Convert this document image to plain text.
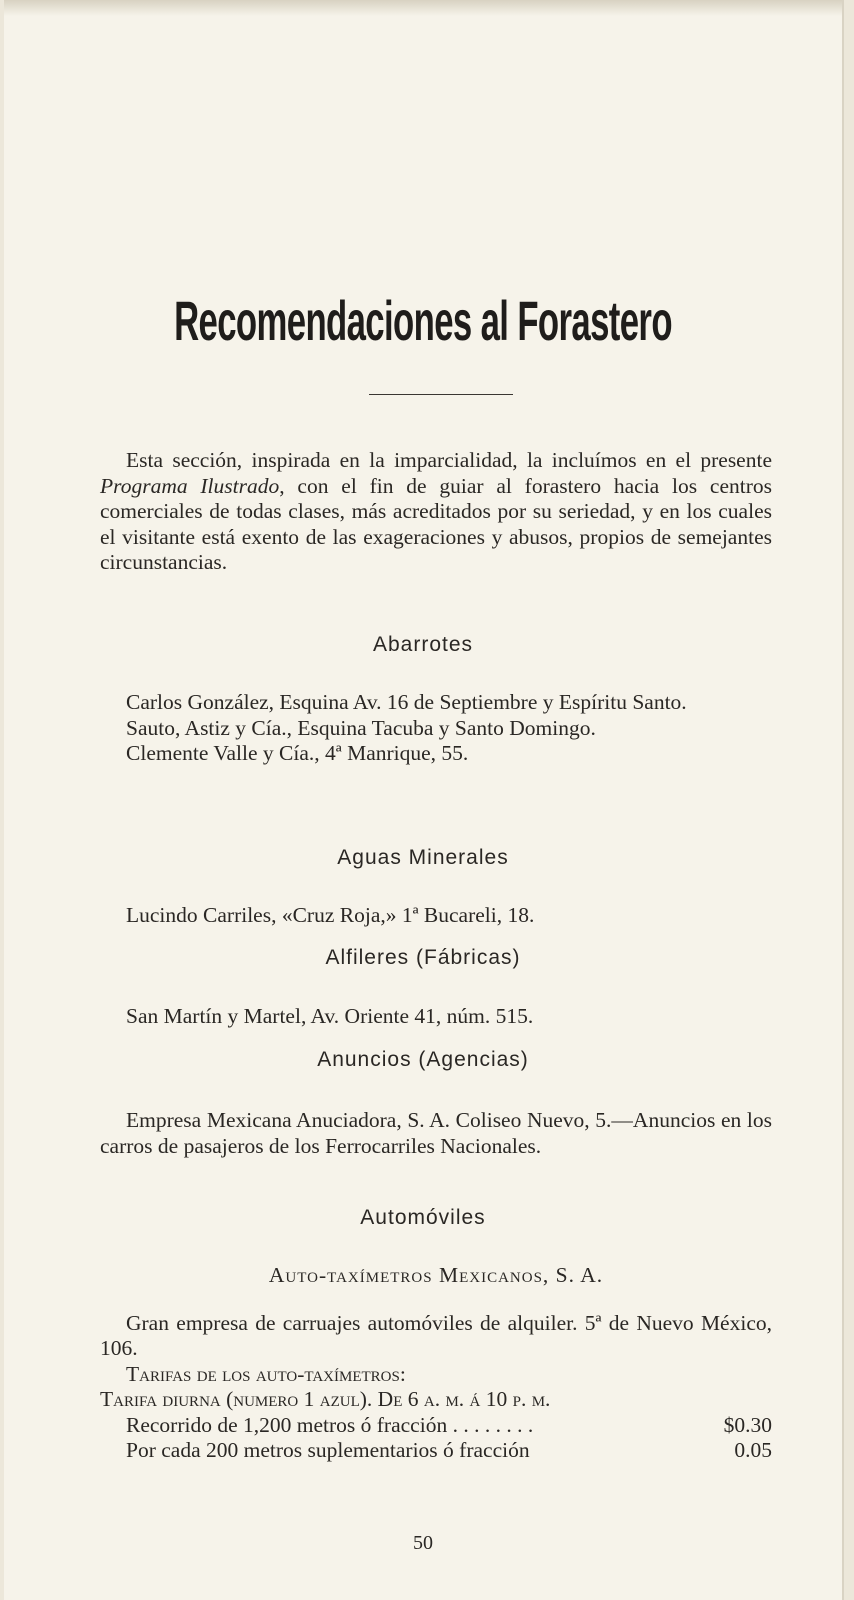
Recomendaciones al Forastero
Esta sección, inspirada en la imparcialidad, la incluímos en el presente Programa Ilustrado, con el fin de guiar al forastero hacia los centros comerciales de todas clases, más acreditados por su seriedad, y en los cuales el visitante está exento de las exageraciones y abusos, propios de semejantes circunstancias.
Abarrotes
Carlos González, Esquina Av. 16 de Septiembre y Espíritu Santo.
Sauto, Astiz y Cía., Esquina Tacuba y Santo Domingo.
Clemente Valle y Cía., 4ª Manrique, 55.
Aguas Minerales
Lucindo Carriles, «Cruz Roja,» 1ª Bucareli, 18.
Alfileres (Fábricas)
San Martín y Martel, Av. Oriente 41, núm. 515.
Anuncios (Agencias)
Empresa Mexicana Anuciadora, S. A. Coliseo Nuevo, 5.—Anuncios en los carros de pasajeros de los Ferrocarriles Nacionales.
Automóviles
Auto-taxímetros Mexicanos, S. A.
Gran empresa de carruajes automóviles de alquiler. 5ª de Nuevo México, 106.
Tarifas de los auto-taxímetros:
Tarifa diurna (numero 1 azul). De 6 a. m. á 10 p. m.
Recorrido de 1,200 metros ó fracción . . . . . . . .	$0.30
Por cada 200 metros suplementarios ó fracción	0.05
50
